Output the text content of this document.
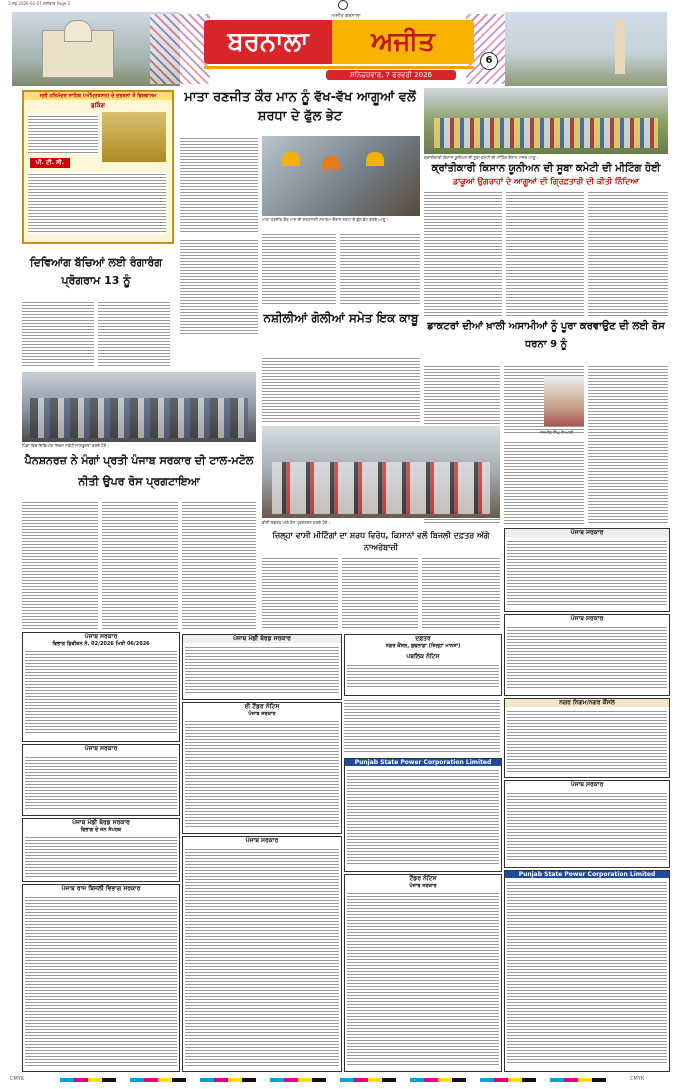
2-ਸਵ 2026-02-07 ਸ਼ਨੀਵਾਰ Page 2
ਅਜੀਤ ਬਰਨਾਲਾ
ਬਰਨਾਲਾ	ਅਜੀਤ
ਸ਼ਨਿਚਰਵਾਰ, 7 ਫਰਵਰੀ 2026
6
ਸ੍ਰੀ ਹਰਿਮੰਦਰ ਸਾਹਿਬ (ਅੰਮ੍ਰਿਤਸਰ) ਦੇ ਦਰਸ਼ਨਾਂ ਤੋਂ ਵਿਸ਼ਵਾਸਮ
ਬੁਕਿੰਗ
ਪੀ. ਟੀ. ਸੀ.
ਮਾਤਾ ਰਣਜੀਤ ਕੌਰ ਮਾਨ ਨੂੰ ਵੱਖ-ਵੱਖ ਆਗੂਆਂ ਵਲੋਂ ਸ਼ਰਧਾ ਦੇ ਫੁੱਲ ਭੇਟ
ਮਾਤਾ ਰਣਜੀਤ ਕੌਰ ਮਾਨ ਦੀ ਸ਼ਰਧਾਂਜਲੀ ਸਮਾਗਮ ਦੌਰਾਨ ਸ਼ਰਧਾ ਦੇ ਫੁੱਲ ਭੇਟ ਕਰਦੇ ਆਗੂ।
ਕ੍ਰਾਂਤੀਕਾਰੀ ਕਿਸਾਨ ਯੂਨੀਅਨ ਦੀ ਸੂਬਾ ਕਮੇਟੀ ਦੀ ਮੀਟਿੰਗ ਦੌਰਾਨ ਹਾਜ਼ਰ ਆਗੂ।
ਕ੍ਰਾਂਤੀਕਾਰੀ ਕਿਸਾਨ ਯੂਨੀਅਨ ਦੀ ਸੂਬਾ ਕਮੇਟੀ ਦੀ ਮੀਟਿੰਗ ਹੋਈ
ਡਾਕੂਆਂ ਉਗਰਾਹਾਂ ਦੇ ਆਗੂਆਂ ਦੀ ਗ੍ਰਿਫ਼ਤਾਰੀ ਦੀ ਕੀਤੀ ਨਿੰਦਿਆ
ਦਿਵਿਆਂਗ ਬੱਚਿਆਂ ਲਈ ਰੰਗਾਰੰਗ ਪ੍ਰੋਗਰਾਮ 13 ਨੂੰ
ਨਸ਼ੀਲੀਆਂ ਗੋਲੀਆਂ ਸਮੇਤ ਇਕ ਕਾਬੂ
ਡਾਕਟਰਾਂ ਦੀਆਂ ਖ਼ਾਲੀ ਅਸਾਮੀਆਂ ਨੂੰ ਪੂਰਾ ਕਰਵਾਉਣ ਦੀ ਲਈ ਰੋਸ ਧਰਨਾ 9 ਨੂੰ
ਜਸਮੀਤ ਸਿੰਘ ਸਿਆਣੀ
ਪਿੰਡਾਂ ਵਿਚ ਦਿਵਿਆਂਗ ਦਿਵਸ ਸਬੰਧੀ ਜਾਗਰੂਕਤਾ ਕਰਦੇ ਹੋਏ।
ਪੈਨਸ਼ਨਰਜ਼ ਨੇ ਮੰਗਾਂ ਪ੍ਰਤੀ ਪੰਜਾਬ ਸਰਕਾਰ ਦੀ ਟਾਲ-ਮਟੋਲ ਨੀਤੀ ਉਪਰ ਰੋਸ ਪ੍ਰਗਟਾਇਆ
ਡੀਸੀ ਦਫ਼ਤਰ ਅੱਗੇ ਰੋਸ ਪ੍ਰਦਰਸ਼ਨ ਕਰਦੇ ਹੋਏ।
ਜ਼ਿਲ੍ਹਾ ਵਾਸੀ ਮੀਟਿੰਗਾਂ ਦਾ ਸ਼ਰਧ ਵਿਰੋਧ, ਕਿਸਾਨਾਂ ਵਲੋਂ ਬਿਜਲੀ ਦਫ਼ਤਰ ਅੱਗੇ ਨਾਅਰੇਬਾਜ਼ੀ
ਪੰਜਾਬ ਸਰਕਾਰ
ਪੰਜਾਬ ਸਰਕਾਰ
ਨਗਰ ਨਿਗਮ/ਨਗਰ ਕੌਂਸਲ
ਪੰਜਾਬ ਸਰਕਾਰ
Punjab State Power Corporation Limited
ਪੰਜਾਬ ਸਰਕਾਰ
ਵਿਭਾਗ ਡਿਵੀਜ਼ਨ ਨੰ. 02/2026 ਮਿਤੀ 06/2026
ਪੰਜਾਬ ਸਰਕਾਰ
ਪੰਜਾਬ ਮੰਡੀ ਬੋਰਡ ਸਰਕਾਰ
ਵਿਭਾਗ ਦੇ ਜਨ ਸੰਪਰਕ
ਪੰਜਾਬ ਰਾਜ ਬਿਜਲੀ ਵਿਭਾਗ ਸਰਕਾਰ
ਪੰਜਾਬ ਮੰਡੀ ਬੋਰਡ ਸਰਕਾਰ
ਈ ਟੈਂਡਰ ਨੋਟਿਸ
ਪੰਜਾਬ ਸਰਕਾਰ
ਪੰਜਾਬ ਸਰਕਾਰ
ਦਫ਼ਤਰ
ਨਗਰ ਕੌਂਸਲ, ਬੁਢਲਾਡਾ (ਜ਼ਿਲ੍ਹਾ ਮਾਨਸਾ)
ਪਬਲਿਕ ਨੋਟਿਸ
Punjab State Power Corporation Limited
ਟੈਂਡਰ ਨੋਟਿਸ
ਪੰਜਾਬ ਸਰਕਾਰ
CMYK	CMYK
